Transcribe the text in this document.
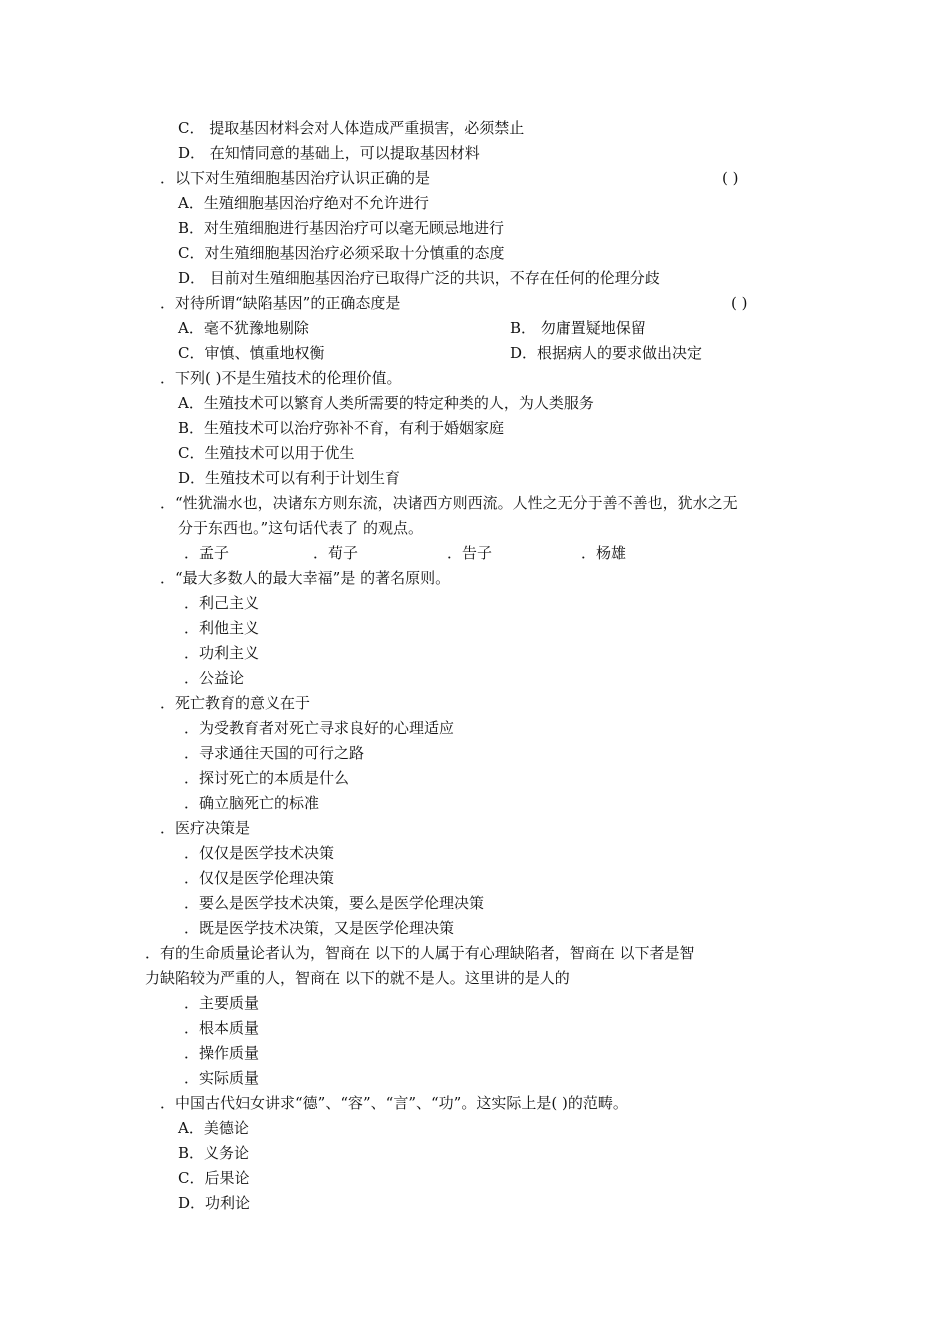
C． 提取基因材料会对人体造成严重损害，必须禁止
D． 在知情同意的基础上，可以提取基因材料
．以下对生殖细胞基因治疗认识正确的是	( )
A．生殖细胞基因治疗绝对不允许进行
B．对生殖细胞进行基因治疗可以毫无顾忌地进行
C．对生殖细胞基因治疗必须采取十分慎重的态度
D． 目前对生殖细胞基因治疗已取得广泛的共识，不存在任何的伦理分歧
．对待所谓“缺陷基因”的正确态度是	( )
A．毫不犹豫地剔除	B． 勿庸置疑地保留
C．审慎、慎重地权衡	D．根据病人的要求做出决定
．下列( )不是生殖技术的伦理价值。
A．生殖技术可以繁育人类所需要的特定种类的人，为人类服务
B．生殖技术可以治疗弥补不育，有利于婚姻家庭
C．生殖技术可以用于优生
D．生殖技术可以有利于计划生育
．“性犹湍水也，决诸东方则东流，决诸西方则西流。人性之无分于善不善也，犹水之无
分于东西也。”这句话代表了 的观点。
．孟子	．荀子	．告子	．杨雄
．“最大多数人的最大幸福”是 的著名原则。
．利己主义
．利他主义
．功利主义
．公益论
．死亡教育的意义在于
．为受教育者对死亡寻求良好的心理适应
．寻求通往天国的可行之路
．探讨死亡的本质是什么
．确立脑死亡的标准
．医疗决策是
．仅仅是医学技术决策
．仅仅是医学伦理决策
．要么是医学技术决策，要么是医学伦理决策
．既是医学技术决策，又是医学伦理决策
．有的生命质量论者认为，智商在 以下的人属于有心理缺陷者，智商在 以下者是智
力缺陷较为严重的人，智商在 以下的就不是人。这里讲的是人的
．主要质量
．根本质量
．操作质量
．实际质量
．中国古代妇女讲求“德”、“容”、“言”、“功”。这实际上是( )的范畴。
A．美德论
B．义务论
C．后果论
D．功利论
